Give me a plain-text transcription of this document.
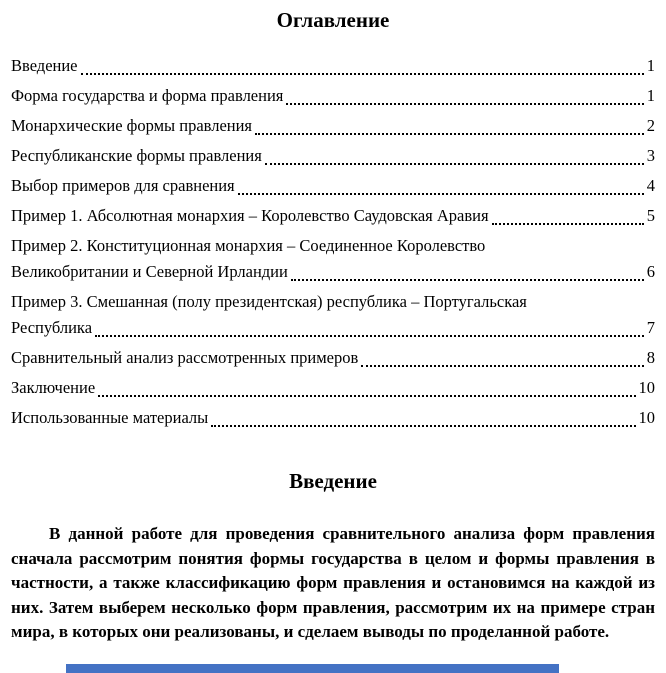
Оглавление
Введение	1
Форма государства и форма правления	1
Монархические формы правления	2
Республиканские формы правления	3
Выбор примеров для сравнения	4
Пример 1. Абсолютная монархия – Королевство Саудовская Аравия	5
Пример 2. Конституционная монархия – Соединенное Королевство
Великобритании и Северной Ирландии	6
Пример 3. Смешанная (полу президентская) республика – Португальская
Республика	7
Сравнительный анализ рассмотренных примеров	8
Заключение	10
Использованные материалы	10
Введение

В данной работе для проведения сравнительного анализа форм правления сначала рассмотрим понятия формы государства в целом и формы правления в частности, а также классификацию форм правления и остановимся на каждой из них. Затем выберем несколько форм правления, рассмотрим их на примере стран мира, в которых они реализованы, и сделаем выводы по проделанной работе.
